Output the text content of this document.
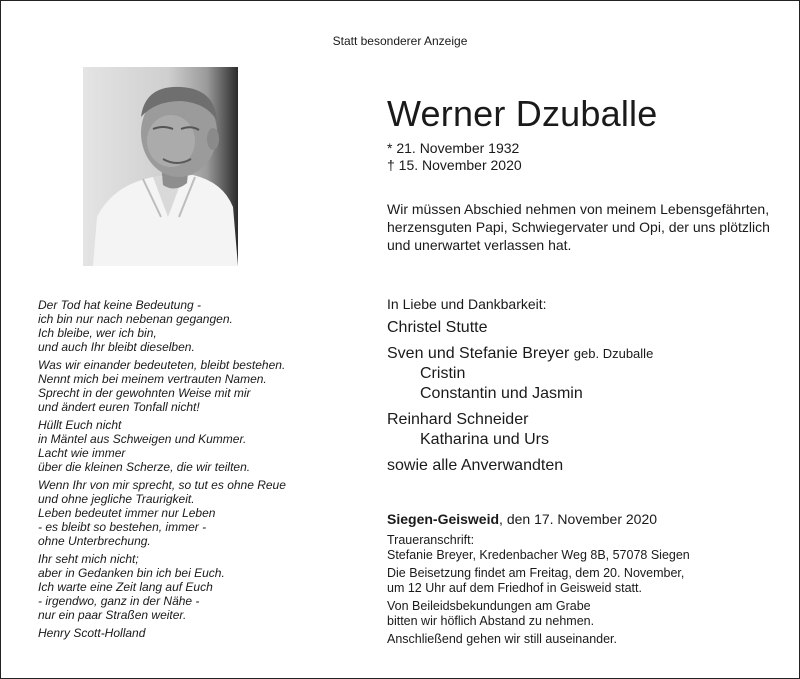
Statt besonderer Anzeige
Werner Dzuballe
* 21. November 1932
† 15. November 2020
Wir müssen Abschied nehmen von meinem Lebensgefährten,
herzensguten Papi, Schwiegervater und Opi, der uns plötzlich
und unerwartet verlassen hat.
Der Tod hat keine Bedeutung -
ich bin nur nach nebenan gegangen.
Ich bleibe, wer ich bin,
und auch Ihr bleibt dieselben.
Was wir einander bedeuteten, bleibt bestehen.
Nennt mich bei meinem vertrauten Namen.
Sprecht in der gewohnten Weise mit mir
und ändert euren Tonfall nicht!
Hüllt Euch nicht
in Mäntel aus Schweigen und Kummer.
Lacht wie immer
über die kleinen Scherze, die wir teilten.
Wenn Ihr von mir sprecht, so tut es ohne Reue
und ohne jegliche Traurigkeit.
Leben bedeutet immer nur Leben
- es bleibt so bestehen, immer -
ohne Unterbrechung.
Ihr seht mich nicht;
aber in Gedanken bin ich bei Euch.
Ich warte eine Zeit lang auf Euch
- irgendwo, ganz in der Nähe -
nur ein paar Straßen weiter.
Henry Scott-Holland
In Liebe und Dankbarkeit:
Christel Stutte
Sven und Stefanie Breyer geb. Dzuballe
Cristin
Constantin und Jasmin
Reinhard Schneider
Katharina und Urs
sowie alle Anverwandten
Siegen-Geisweid, den 17. November 2020
Traueranschrift:
Stefanie Breyer, Kredenbacher Weg 8B, 57078 Siegen
Die Beisetzung findet am Freitag, dem 20. November,
um 12 Uhr auf dem Friedhof in Geisweid statt.
Von Beileidsbekundungen am Grabe
bitten wir höflich Abstand zu nehmen.
Anschließend gehen wir still auseinander.
